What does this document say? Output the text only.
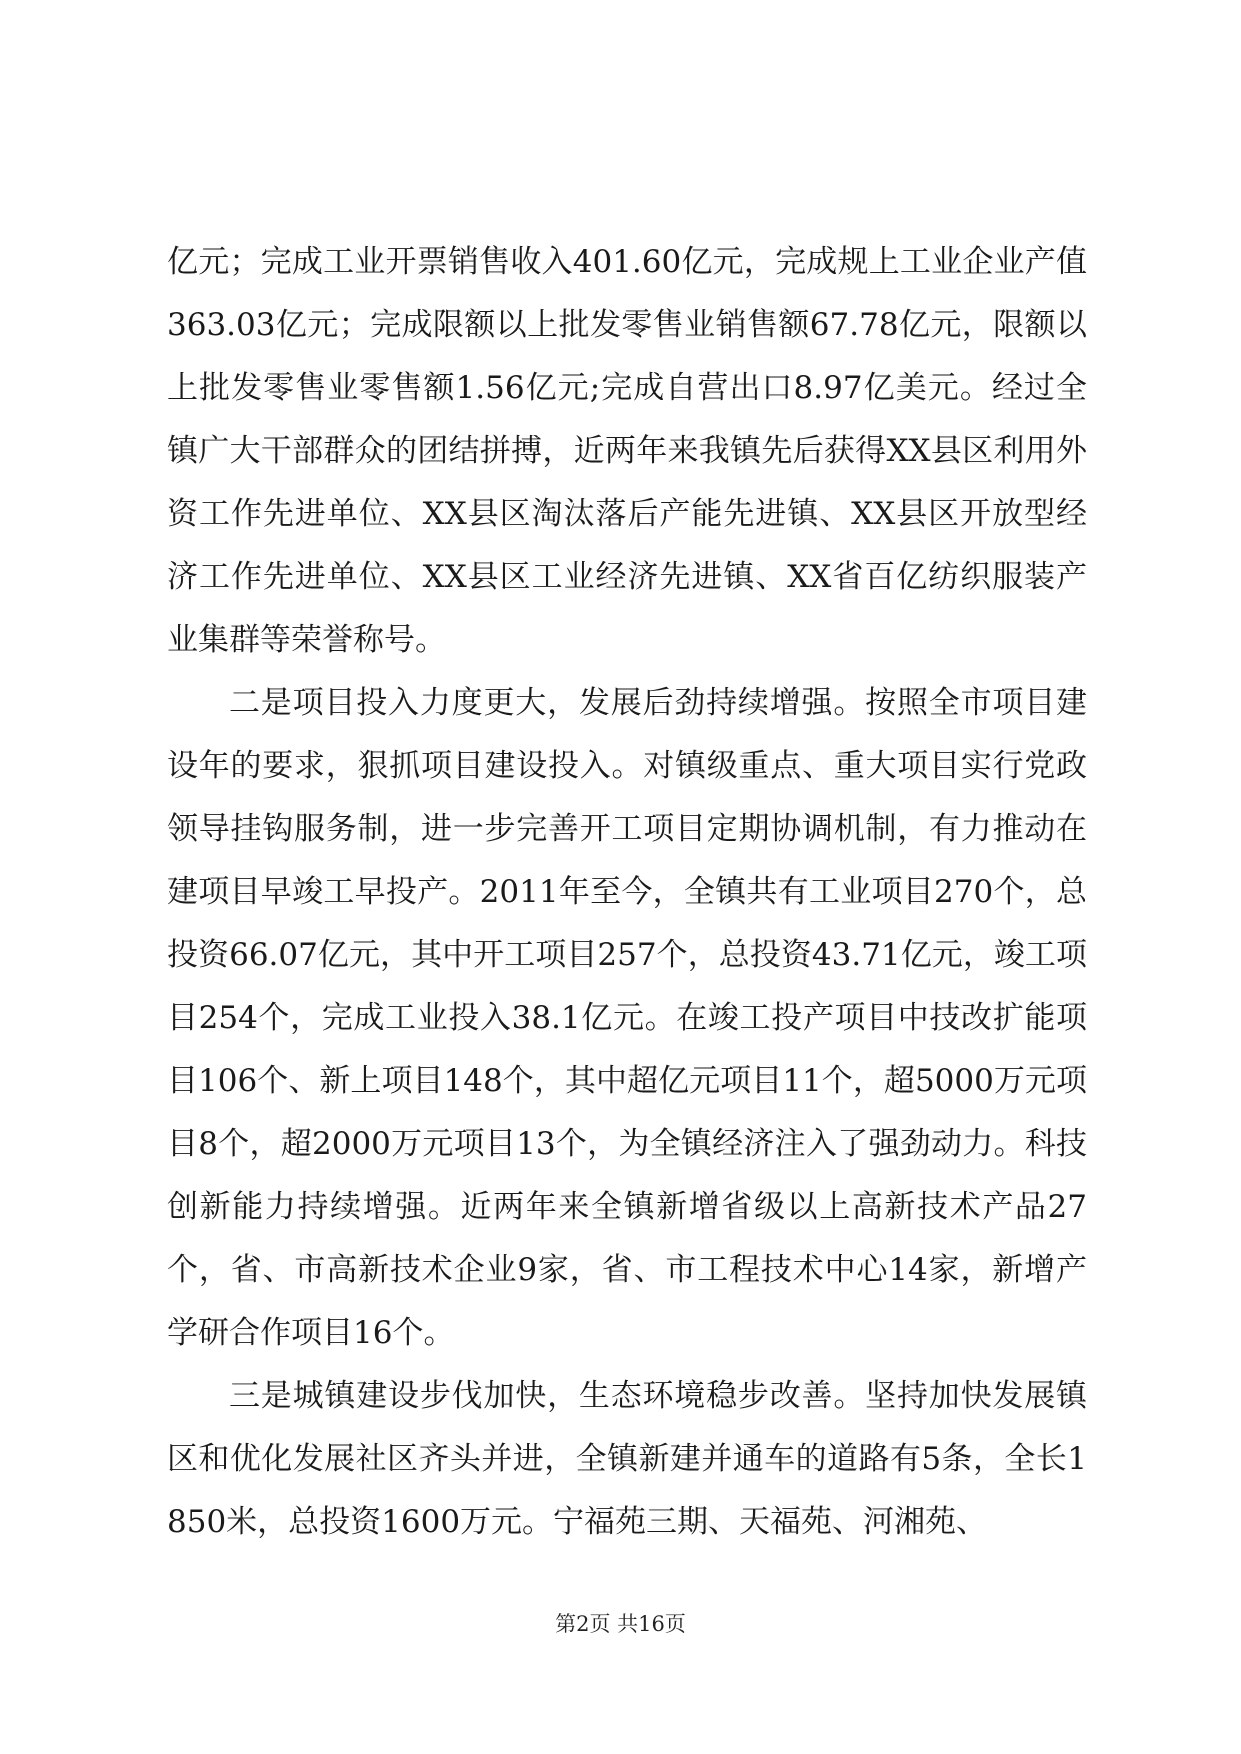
亿元；完成工业开票销售收入401.60亿元，完成规上工业企业产值363.03亿元；完成限额以上批发零售业销售额67.78亿元，限额以上批发零售业零售额1.56亿元;完成自营出口8.97亿美元。经过全镇广大干部群众的团结拼搏，近两年来我镇先后获得XX县区利用外资工作先进单位、XX县区淘汰落后产能先进镇、XX县区开放型经济工作先进单位、XX县区工业经济先进镇、XX省百亿纺织服装产业集群等荣誉称号。

二是项目投入力度更大，发展后劲持续增强。按照全市项目建设年的要求，狠抓项目建设投入。对镇级重点、重大项目实行党政领导挂钩服务制，进一步完善开工项目定期协调机制，有力推动在建项目早竣工早投产。2011年至今，全镇共有工业项目270个，总投资66.07亿元，其中开工项目257个，总投资43.71亿元，竣工项目254个，完成工业投入38.1亿元。在竣工投产项目中技改扩能项目106个、新上项目148个，其中超亿元项目11个，超5000万元项目8个，超2000万元项目13个，为全镇经济注入了强劲动力。科技创新能力持续增强。近两年来全镇新增省级以上高新技术产品27个，省、市高新技术企业9家，省、市工程技术中心14家，新增产学研合作项目16个。

三是城镇建设步伐加快，生态环境稳步改善。坚持加快发展镇区和优化发展社区齐头并进，全镇新建并通车的道路有5条，全长1850米，总投资1600万元。宁福苑三期、天福苑、河湘苑、

第2页 共16页
